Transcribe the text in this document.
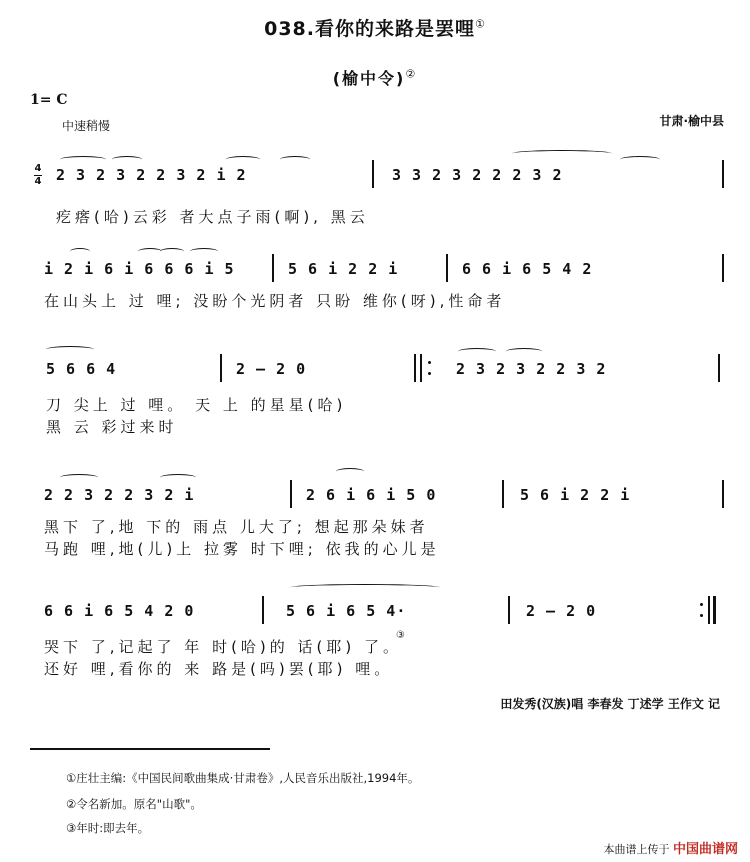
038.看你的来路是罢哩①
(榆中令)②
1= C
中速稍慢	甘肃·榆中县
4
4 2 3 2 3 2 2 3 2 i 2	3 3 2 3 2 2 2 3 2
疙瘩(哈)云彩 者大点子雨(啊), 黑云
i 2 i 6 i 6 6 6 i 5	5 6 i 2 2 i	6 6 i 6 5 4 2
在山头上 过 哩; 没盼个光阴者 只盼 维你(呀),性命者
5 6 6 4	2 — 2 0	2 3 2 3 2 2 3 2
刀 尖上 过 哩。 天 上 的星星(哈)
黑 云 彩过来时
2 2 3 2 2 3 2 i	2 6 i 6 i 5 0	5 6 i 2 2 i
黑下 了,地 下的 雨点 儿大了; 想起那朵妹者
马跑 哩,地(儿)上 拉雾 时下哩; 依我的心儿是
6 6 i 6 5 4 2 0	5 6 i 6 5 4·	2 — 2 0
哭下 了,记起了 年 时(哈)的 话(耶) 了。
还好 哩,看你的 来 路是(吗)罢(耶) 哩。
③
田发秀(汉族)唱 李春发 丁述学 王作文 记
①庄壮主编:《中国民间歌曲集成·甘肃卷》,人民音乐出版社,1994年。
②令名新加。原名"山歌"。
③年时:即去年。
本曲谱上传于 中国曲谱网
